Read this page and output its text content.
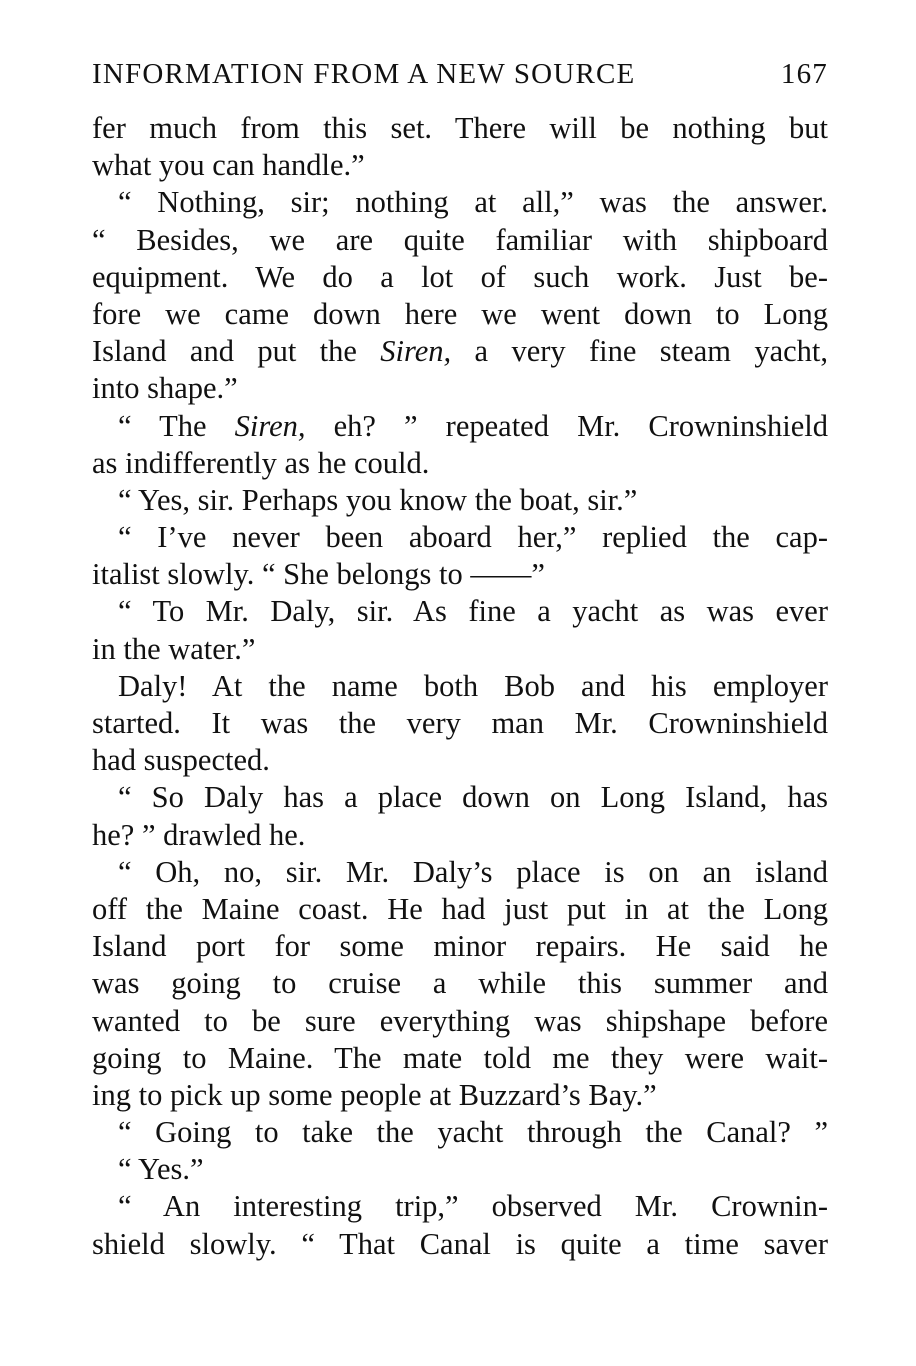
INFORMATION FROM A NEW SOURCE	167
fer much from this set. There will be nothing but
what you can handle.”
“ Nothing, sir; nothing at all,” was the answer.
“ Besides, we are quite familiar with shipboard
equipment. We do a lot of such work. Just be-
fore we came down here we went down to Long
Island and put the Siren, a very fine steam yacht,
into shape.”
“ The Siren, eh? ” repeated Mr. Crowninshield
as indifferently as he could.
“ Yes, sir. Perhaps you know the boat, sir.”
“ I’ve never been aboard her,” replied the cap-
italist slowly. “ She belongs to ——”
“ To Mr. Daly, sir. As fine a yacht as was ever
in the water.”
Daly! At the name both Bob and his employer
started. It was the very man Mr. Crowninshield
had suspected.
“ So Daly has a place down on Long Island, has
he? ” drawled he.
“ Oh, no, sir. Mr. Daly’s place is on an island
off the Maine coast. He had just put in at the Long
Island port for some minor repairs. He said he
was going to cruise a while this summer and
wanted to be sure everything was shipshape before
going to Maine. The mate told me they were wait-
ing to pick up some people at Buzzard’s Bay.”
“ Going to take the yacht through the Canal? ”
“ Yes.”
“ An interesting trip,” observed Mr. Crownin-
shield slowly. “ That Canal is quite a time saver
